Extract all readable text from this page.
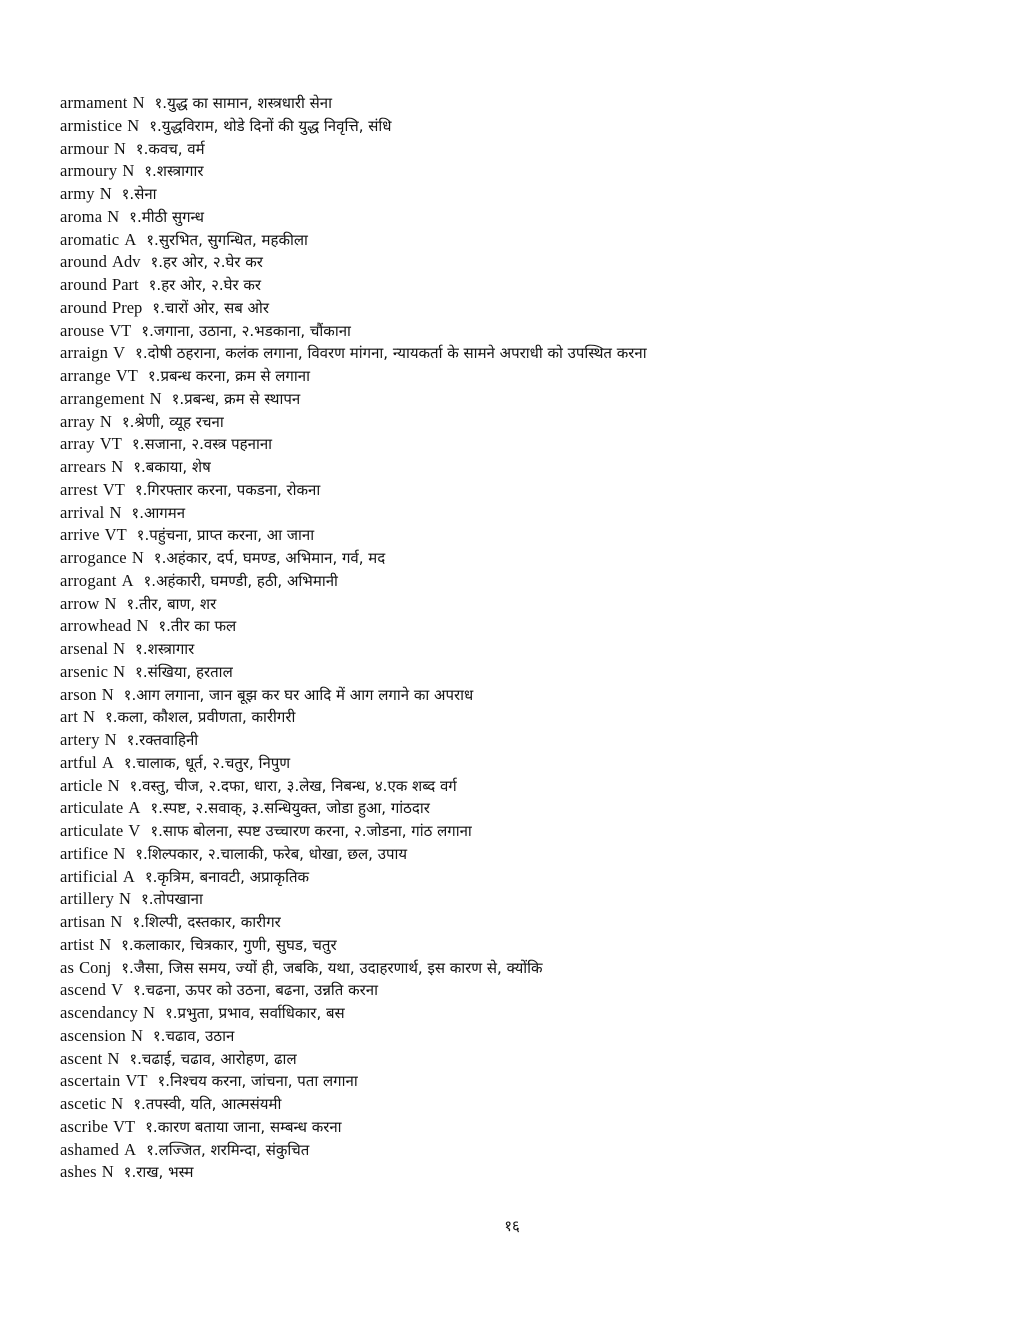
armament N १.युद्ध का सामान, शस्त्रधारी सेना
armistice N १.युद्धविराम, थोडे दिनों की युद्ध निवृत्ति, संधि
armour N १.कवच, वर्म
armoury N १.शस्त्रागार
army N १.सेना
aroma N १.मीठी सुगन्ध
aromatic A १.सुरभित, सुगन्धित, महकीला
around Adv १.हर ओर, २.घेर कर
around Part १.हर ओर, २.घेर कर
around Prep १.चारों ओर, सब ओर
arouse VT १.जगाना, उठाना, २.भडकाना, चौंकाना
arraign V १.दोषी ठहराना, कलंक लगाना, विवरण मांगना, न्यायकर्ता के सामने अपराधी को उपस्थित करना
arrange VT १.प्रबन्ध करना, क्रम से लगाना
arrangement N १.प्रबन्ध, क्रम से स्थापन
array N १.श्रेणी, व्यूह रचना
array VT १.सजाना, २.वस्त्र पहनाना
arrears N १.बकाया, शेष
arrest VT १.गिरफ्तार करना, पकडना, रोकना
arrival N १.आगमन
arrive VT १.पहुंचना, प्राप्त करना, आ जाना
arrogance N १.अहंकार, दर्प, घमण्ड, अभिमान, गर्व, मद
arrogant A १.अहंकारी, घमण्डी, हठी, अभिमानी
arrow N १.तीर, बाण, शर
arrowhead N १.तीर का फल
arsenal N १.शस्त्रागार
arsenic N १.संखिया, हरताल
arson N १.आग लगाना, जान बूझ कर घर आदि में आग लगाने का अपराध
art N १.कला, कौशल, प्रवीणता, कारीगरी
artery N १.रक्तवाहिनी
artful A १.चालाक, धूर्त, २.चतुर, निपुण
article N १.वस्तु, चीज, २.दफा, धारा, ३.लेख, निबन्ध, ४.एक शब्द वर्ग
articulate A १.स्पष्ट, २.सवाक्, ३.सन्धियुक्त, जोडा हुआ, गांठदार
articulate V १.साफ बोलना, स्पष्ट उच्चारण करना, २.जोडना, गांठ लगाना
artifice N १.शिल्पकार, २.चालाकी, फरेब, धोखा, छल, उपाय
artificial A १.कृत्रिम, बनावटी, अप्राकृतिक
artillery N १.तोपखाना
artisan N १.शिल्पी, दस्तकार, कारीगर
artist N १.कलाकार, चित्रकार, गुणी, सुघड, चतुर
as Conj १.जैसा, जिस समय, ज्यों ही, जबकि, यथा, उदाहरणार्थ, इस कारण से, क्योंकि
ascend V १.चढना, ऊपर को उठना, बढना, उन्नति करना
ascendancy N १.प्रभुता, प्रभाव, सर्वाधिकार, बस
ascension N १.चढाव, उठान
ascent N १.चढाई, चढाव, आरोहण, ढाल
ascertain VT १.निश्चय करना, जांचना, पता लगाना
ascetic N १.तपस्वी, यति, आत्मसंयमी
ascribe VT १.कारण बताया जाना, सम्बन्ध करना
ashamed A १.लज्जित, शरमिन्दा, संकुचित
ashes N १.राख, भस्म
१६
